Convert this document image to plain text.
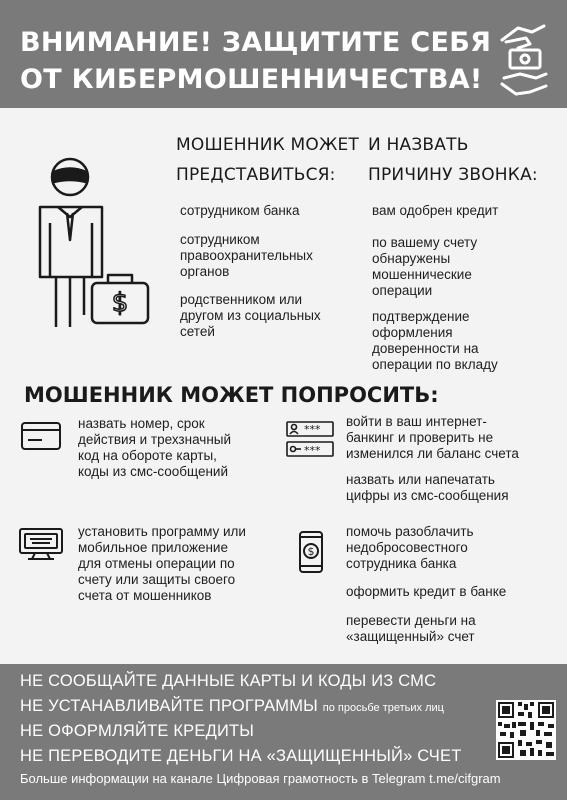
ВНИМАНИЕ! ЗАЩИТИТЕ СЕБЯ
ОТ КИБЕРМОШЕННИЧЕСТВА!
$
МОШЕННИК МОЖЕТ
ПРЕДСТАВИТЬСЯ:
И НАЗВАТЬ
ПРИЧИНУ ЗВОНКА:
сотрудником банка
сотрудником
правоохранительных
органов
родственником или
другом из социальных
сетей
вам одобрен кредит
по вашему счету
обнаружены
мошеннические
операции
подтверждение
оформления
доверенности на
операции по вкладу
МОШЕННИК МОЖЕТ ПОПРОСИТЬ:
назвать номер, срок
действия и трехзначный
код на обороте карты,
коды из смс-сообщений
***
***
войти в ваш интернет-
банкинг и проверить не
изменился ли баланс счета
назвать или напечатать
цифры из смс-сообщения
установить программу или
мобильное приложение
для отмены операции по
счету или защиты своего
счета от мошенников
$
помочь разоблачить
недобросовестного
сотрудника банка
оформить кредит в банке
перевести деньги на
«защищенный» счет
НЕ СООБЩАЙТЕ ДАННЫЕ КАРТЫ И КОДЫ ИЗ СМС
НЕ УСТАНАВЛИВАЙТЕ ПРОГРАММЫ по просьбе третьих лиц
НЕ ОФОРМЛЯЙТЕ КРЕДИТЫ
НЕ ПЕРЕВОДИТЕ ДЕНЬГИ НА «ЗАЩИЩЕННЫЙ» СЧЕТ
Больше информации на канале Цифровая грамотность в Telegram t.me/cifgram
